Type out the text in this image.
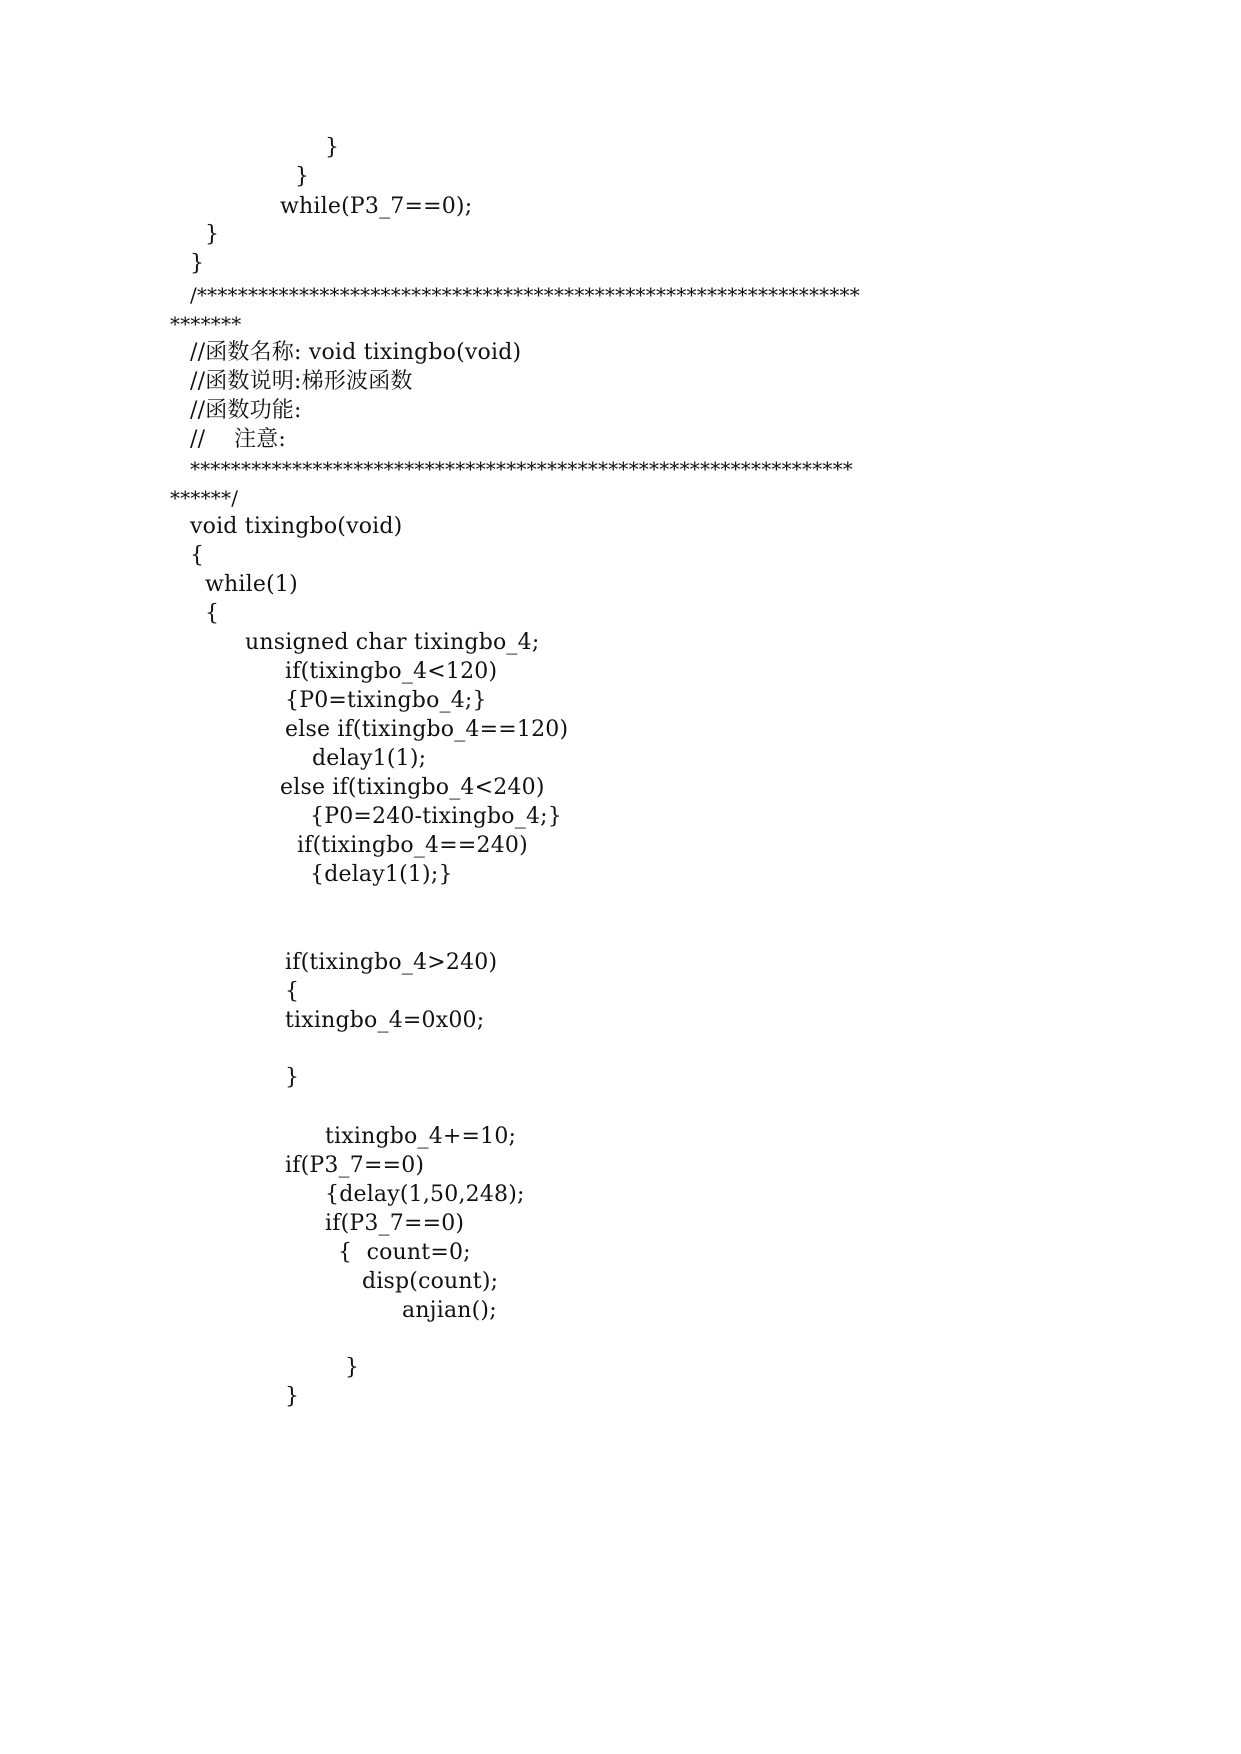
}
}
while(P3_7==0);
}
}
/*****************************************************************
*******
//函数名称: void tixingbo(void)
//函数说明:梯形波函数
//函数功能:
//    注意:
*****************************************************************
******/
void tixingbo(void)
{
while(1)
{
unsigned char tixingbo_4;
if(tixingbo_4<120)
{P0=tixingbo_4;}
else if(tixingbo_4==120)
delay1(1);
else if(tixingbo_4<240)
{P0=240-tixingbo_4;}
if(tixingbo_4==240)
{delay1(1);}
if(tixingbo_4>240)
{
tixingbo_4=0x00;
}
tixingbo_4+=10;
if(P3_7==0)
{delay(1,50,248);
if(P3_7==0)
{  count=0;
disp(count);
anjian();
}
}
